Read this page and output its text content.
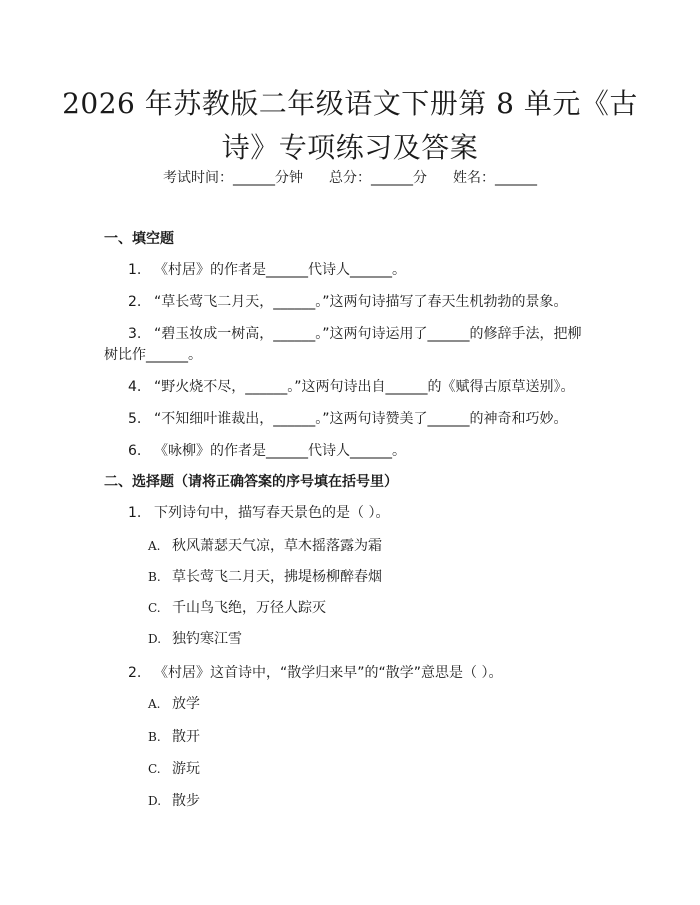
2026 年苏教版二年级语文下册第 8 单元《古
诗》专项练习及答案
考试时间：______分钟 总分：______分 姓名：______
一、填空题
1. 《村居》的作者是______代诗人______。
2. “草长莺飞二月天，______。”这两句诗描写了春天生机勃勃的景象。
3. “碧玉妆成一树高，______。”这两句诗运用了______的修辞手法，把柳
树比作______。
4. “野火烧不尽，______。”这两句诗出自______的《赋得古原草送别》。
5. “不知细叶谁裁出，______。”这两句诗赞美了______的神奇和巧妙。
6. 《咏柳》的作者是______代诗人______。
二、选择题（请将正确答案的序号填在括号里）
1. 下列诗句中，描写春天景色的是（ ）。
A. 秋风萧瑟天气凉，草木摇落露为霜
B. 草长莺飞二月天，拂堤杨柳醉春烟
C. 千山鸟飞绝，万径人踪灭
D. 独钓寒江雪
2. 《村居》这首诗中，“散学归来早”的“散学”意思是（ ）。
A. 放学
B. 散开
C. 游玩
D. 散步
